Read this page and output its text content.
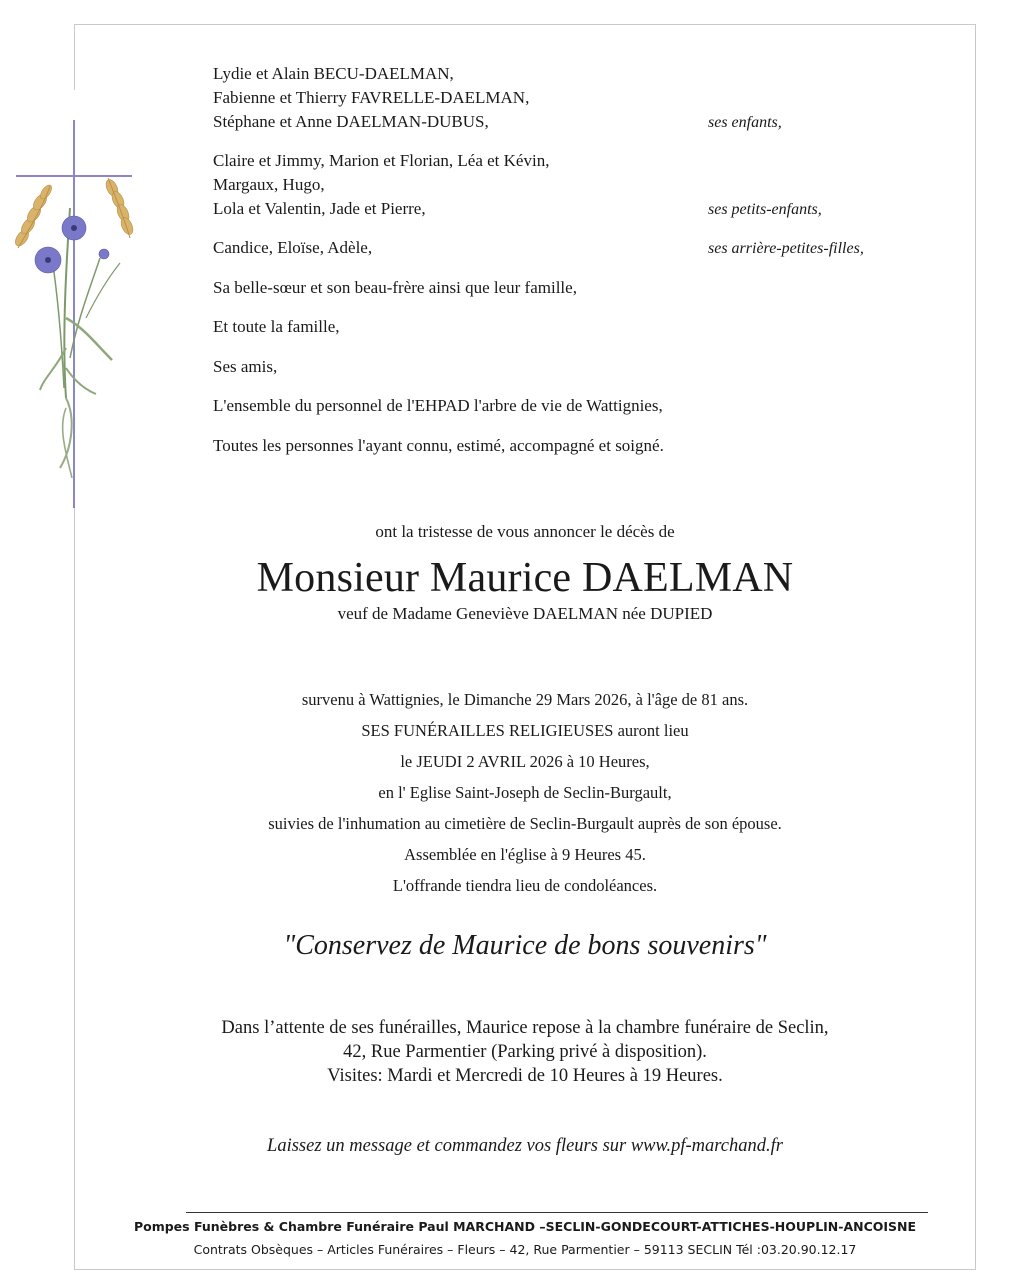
Lydie et Alain BECU-DAELMAN,
Fabienne et Thierry FAVRELLE-DAELMAN,
Stéphane et Anne DAELMAN-DUBUS,	ses enfants,
Claire et Jimmy, Marion et Florian, Léa et Kévin,
Margaux, Hugo,
Lola et Valentin, Jade et Pierre,	ses petits-enfants,
Candice, Eloïse, Adèle,	ses arrière-petites-filles,
Sa belle-sœur et son beau-frère ainsi que leur famille,
Et toute la famille,
Ses amis,
L'ensemble du personnel de l'EHPAD l'arbre de vie de Wattignies,
Toutes les personnes l'ayant connu, estimé, accompagné et soigné.
ont la tristesse de vous annoncer le décès de
Monsieur Maurice DAELMAN
veuf de Madame Geneviève DAELMAN née DUPIED
survenu à Wattignies, le Dimanche 29 Mars 2026, à l'âge de 81 ans.
SES FUNÉRAILLES RELIGIEUSES auront lieu
le JEUDI 2 AVRIL 2026 à 10 Heures,
en l' Eglise Saint-Joseph de Seclin-Burgault,
suivies de l'inhumation au cimetière de Seclin-Burgault auprès de son épouse.
Assemblée en l'église à 9 Heures 45.
L'offrande tiendra lieu de condoléances.
"Conservez de Maurice de bons souvenirs"
Dans l’attente de ses funérailles, Maurice repose à la chambre funéraire de Seclin,
42, Rue Parmentier (Parking privé à disposition).
Visites: Mardi et Mercredi de 10 Heures à 19 Heures.
Laissez un message et commandez vos fleurs sur www.pf-marchand.fr
Pompes Funèbres & Chambre Funéraire Paul MARCHAND –SECLIN-GONDECOURT-ATTICHES-HOUPLIN-ANCOISNE
Contrats Obsèques – Articles Funéraires – Fleurs – 42, Rue Parmentier – 59113 SECLIN Tél :03.20.90.12.17
